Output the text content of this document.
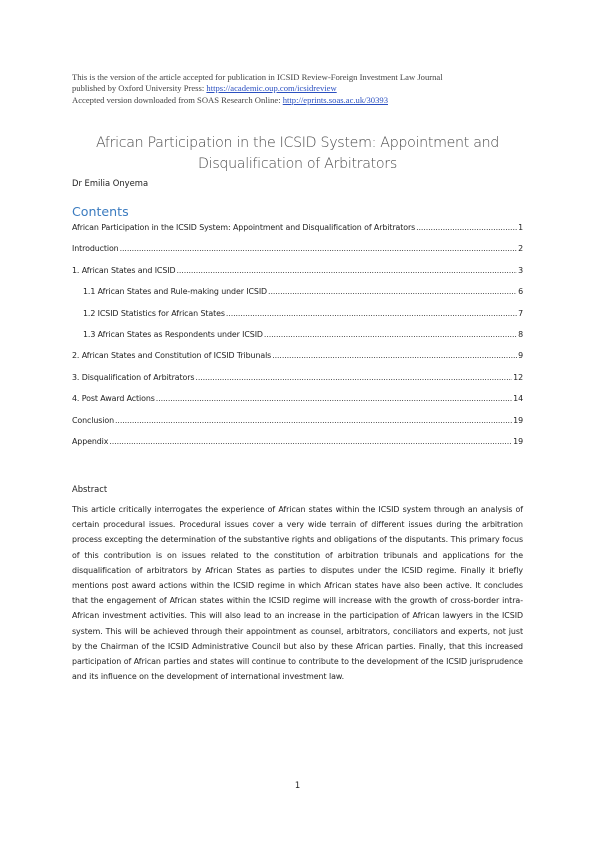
This is the version of the article accepted for publication in ICSID Review-Foreign Investment Law Journal
published by Oxford University Press: https://academic.oup.com/icsidreview
Accepted version downloaded from SOAS Research Online: http://eprints.soas.ac.uk/30393
African Participation in the ICSID System: Appointment and Disqualification of Arbitrators
Dr Emilia Onyema
Contents
African Participation in the ICSID System: Appointment and Disqualification of Arbitrators .....	1
Introduction .....	2
1. African States and ICSID .....	3
1.1 African States and Rule-making under ICSID .....	6
1.2 ICSID Statistics for African States .....	7
1.3 African States as Respondents under ICSID .....	8
2. African States and Constitution of ICSID Tribunals .....	9
3. Disqualification of Arbitrators .....	12
4. Post Award Actions .....	14
Conclusion .....	19
Appendix .....	19
Abstract
This article critically interrogates the experience of African states within the ICSID system through an analysis of certain procedural issues. Procedural issues cover a very wide terrain of different issues during the arbitration process excepting the determination of the substantive rights and obligations of the disputants. This primary focus of this contribution is on issues related to the constitution of arbitration tribunals and applications for the disqualification of arbitrators by African States as parties to disputes under the ICSID regime. Finally it briefly mentions post award actions within the ICSID regime in which African states have also been active. It concludes that the engagement of African states within the ICSID regime will increase with the growth of cross-border intra-African investment activities. This will also lead to an increase in the participation of African lawyers in the ICSID system. This will be achieved through their appointment as counsel, arbitrators, conciliators and experts, not just by the Chairman of the ICSID Administrative Council but also by these African parties. Finally, that this increased participation of African parties and states will continue to contribute to the development of the ICSID jurisprudence and its influence on the development of international investment law.
1
